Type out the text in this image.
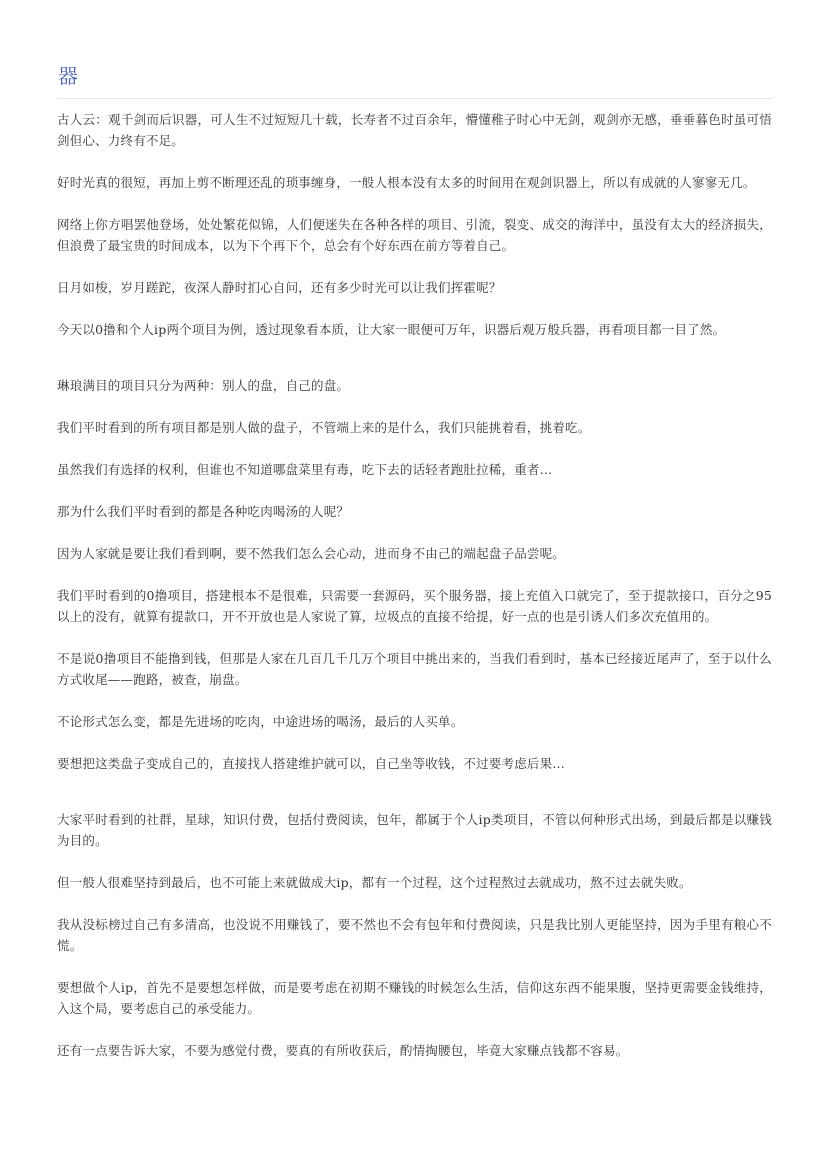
器

古人云：观千剑而后识器，可人生不过短短几十载，长寿者不过百余年，懵懂稚子时心中无剑，观剑亦无感，垂垂暮色时虽可悟剑但心、力终有不足。

好时光真的很短，再加上剪不断理还乱的琐事缠身，一般人根本没有太多的时间用在观剑识器上，所以有成就的人寥寥无几。

网络上你方唱罢他登场，处处繁花似锦，人们便迷失在各种各样的项目、引流，裂变、成交的海洋中，虽没有太大的经济损失，但浪费了最宝贵的时间成本，以为下个再下个，总会有个好东西在前方等着自己。

日月如梭，岁月蹉跎，夜深人静时扪心自问，还有多少时光可以让我们挥霍呢？

今天以0撸和个人ip两个项目为例，透过现象看本质，让大家一眼便可万年，识器后观万般兵器，再看项目都一目了然。

琳琅满目的项目只分为两种：别人的盘，自己的盘。

我们平时看到的所有项目都是别人做的盘子，不管端上来的是什么，我们只能挑着看，挑着吃。

虽然我们有选择的权利，但谁也不知道哪盘菜里有毒，吃下去的话轻者跑肚拉稀，重者…

那为什么我们平时看到的都是各种吃肉喝汤的人呢？

因为人家就是要让我们看到啊，要不然我们怎么会心动，进而身不由己的端起盘子品尝呢。

我们平时看到的0撸项目，搭建根本不是很难，只需要一套源码，买个服务器，接上充值入口就完了，至于提款接口，百分之95以上的没有，就算有提款口，开不开放也是人家说了算，垃圾点的直接不给提，好一点的也是引诱人们多次充值用的。

不是说0撸项目不能撸到钱，但那是人家在几百几千几万个项目中挑出来的，当我们看到时，基本已经接近尾声了，至于以什么方式收尾——跑路，被查，崩盘。

不论形式怎么变，都是先进场的吃肉，中途进场的喝汤，最后的人买单。

要想把这类盘子变成自己的，直接找人搭建维护就可以，自己坐等收钱，不过要考虑后果…

大家平时看到的社群，星球，知识付费，包括付费阅读，包年，都属于个人ip类项目，不管以何种形式出场，到最后都是以赚钱为目的。

但一般人很难坚持到最后，也不可能上来就做成大ip，都有一个过程，这个过程熬过去就成功，熬不过去就失败。

我从没标榜过自己有多清高，也没说不用赚钱了，要不然也不会有包年和付费阅读，只是我比别人更能坚持，因为手里有粮心不慌。

要想做个人ip，首先不是要想怎样做，而是要考虑在初期不赚钱的时候怎么生活，信仰这东西不能果腹，坚持更需要金钱维持，入这个局，要考虑自己的承受能力。

还有一点要告诉大家，不要为感觉付费，要真的有所收获后，酌情掏腰包，毕竟大家赚点钱都不容易。
